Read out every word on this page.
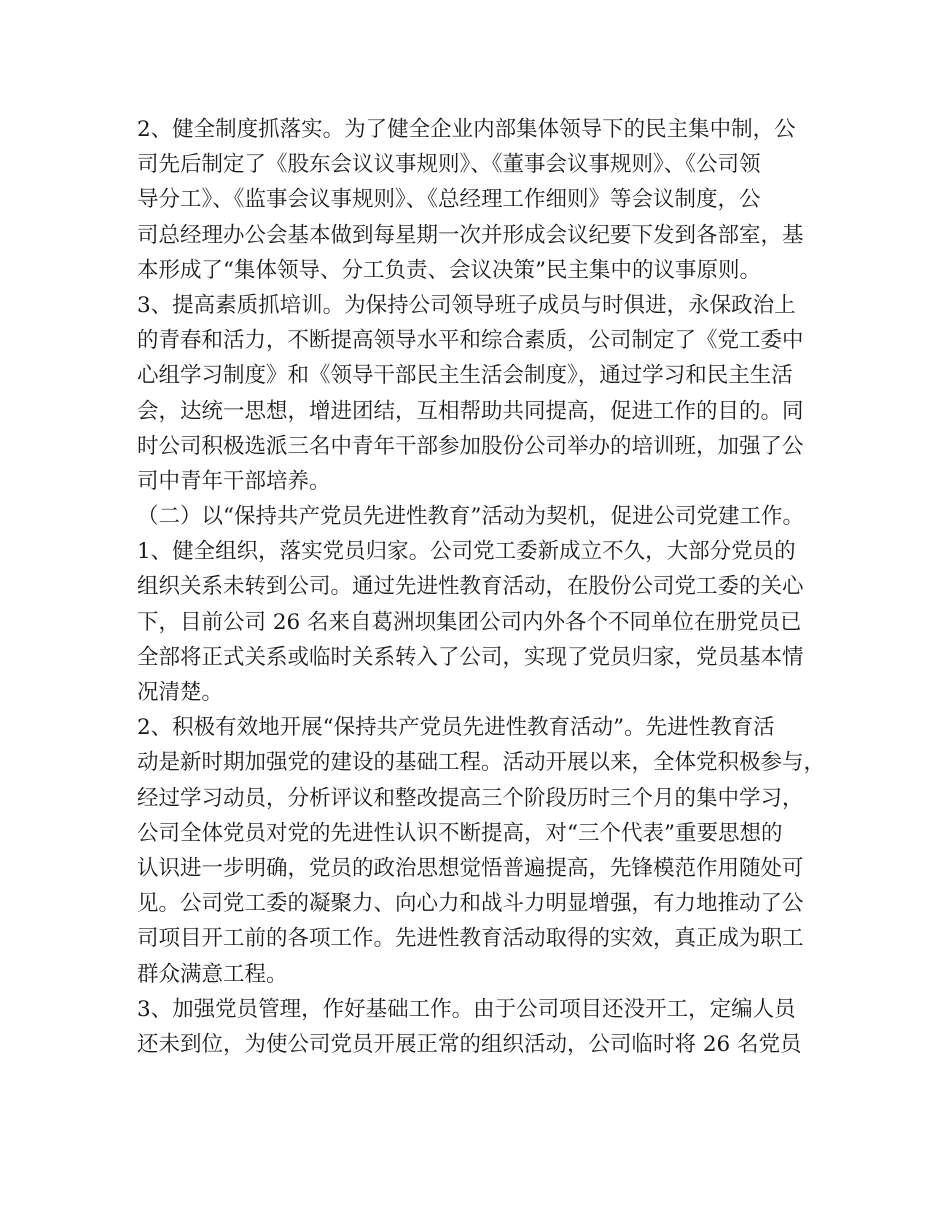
2、健全制度抓落实。为了健全企业内部集体领导下的民主集中制，公
司先后制定了《股东会议议事规则》、《董事会议事规则》、《公司领
导分工》、《监事会议事规则》、《总经理工作细则》等会议制度，公
司总经理办公会基本做到每星期一次并形成会议纪要下发到各部室，基
本形成了“集体领导、分工负责、会议决策”民主集中的议事原则。
3、提高素质抓培训。为保持公司领导班子成员与时俱进，永保政治上
的青春和活力，不断提高领导水平和综合素质，公司制定了《党工委中
心组学习制度》和《领导干部民主生活会制度》，通过学习和民主生活
会，达统一思想，增进团结，互相帮助共同提高，促进工作的目的。同
时公司积极选派三名中青年干部参加股份公司举办的培训班，加强了公
司中青年干部培养。
（二）以“保持共产党员先进性教育”活动为契机，促进公司党建工作。
1、健全组织，落实党员归家。公司党工委新成立不久，大部分党员的
组织关系未转到公司。通过先进性教育活动，在股份公司党工委的关心
下，目前公司 26 名来自葛洲坝集团公司内外各个不同单位在册党员已
全部将正式关系或临时关系转入了公司，实现了党员归家，党员基本情
况清楚。
2、积极有效地开展“保持共产党员先进性教育活动”。先进性教育活
动是新时期加强党的建设的基础工程。活动开展以来，全体党积极参与，
经过学习动员，分析评议和整改提高三个阶段历时三个月的集中学习，
公司全体党员对党的先进性认识不断提高，对“三个代表”重要思想的
认识进一步明确，党员的政治思想觉悟普遍提高，先锋模范作用随处可
见。公司党工委的凝聚力、向心力和战斗力明显增强，有力地推动了公
司项目开工前的各项工作。先进性教育活动取得的实效，真正成为职工
群众满意工程。
3、加强党员管理，作好基础工作。由于公司项目还没开工，定编人员
还未到位，为使公司党员开展正常的组织活动，公司临时将 26 名党员
